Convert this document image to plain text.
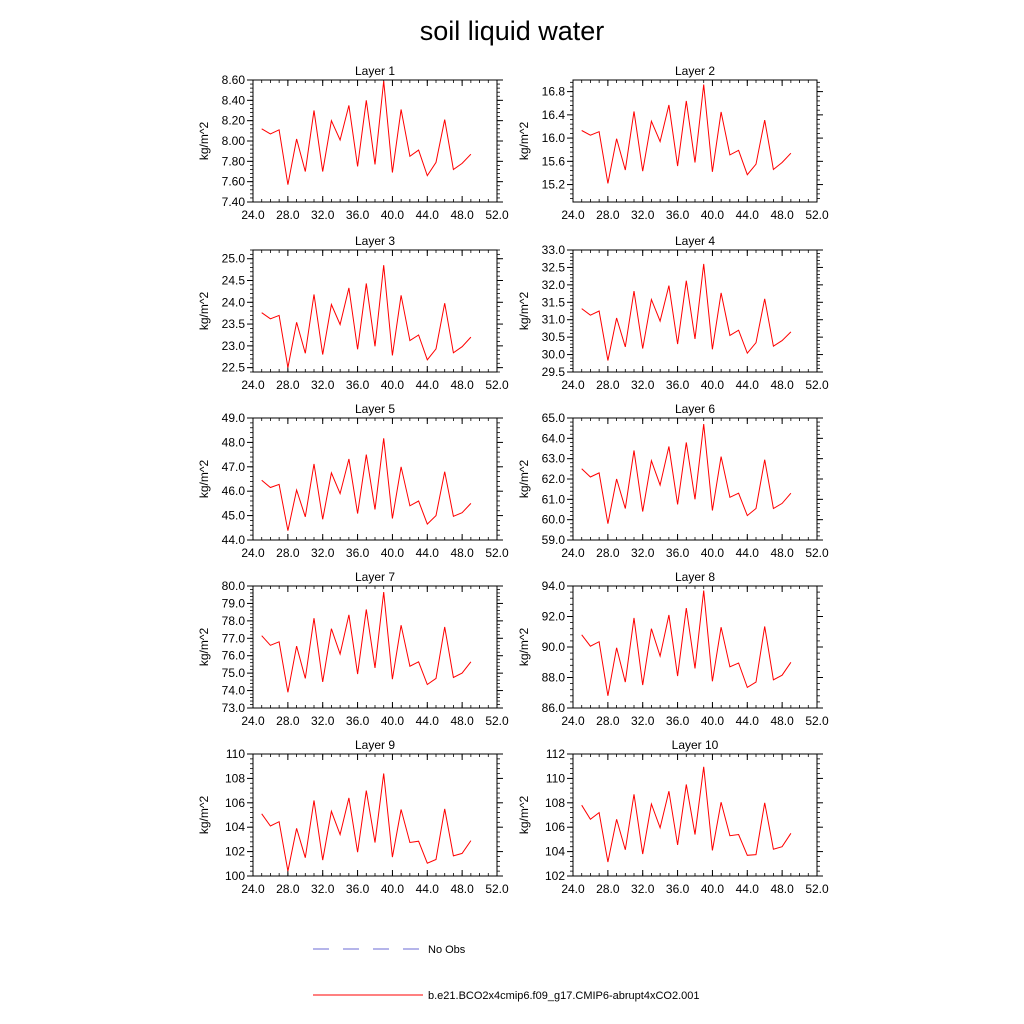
soil liquid water
Layer 1
kg/m^2
24.0 28.0 32.0 36.0 40.0 44.0 48.0 52.0
7.40
7.60
7.80
8.00
8.20
8.40
8.60
Layer 2
kg/m^2
24.0 28.0 32.0 36.0 40.0 44.0 48.0 52.0
15.2
15.6
16.0
16.4
16.8
Layer 3
kg/m^2
24.0 28.0 32.0 36.0 40.0 44.0 48.0 52.0
22.5
23.0
23.5
24.0
24.5
25.0
Layer 4
kg/m^2
24.0 28.0 32.0 36.0 40.0 44.0 48.0 52.0
29.5
30.0
30.5
31.0
31.5
32.0
32.5
33.0
Layer 5
kg/m^2
24.0 28.0 32.0 36.0 40.0 44.0 48.0 52.0
44.0
45.0
46.0
47.0
48.0
49.0
Layer 6
kg/m^2
24.0 28.0 32.0 36.0 40.0 44.0 48.0 52.0
59.0
60.0
61.0
62.0
63.0
64.0
65.0
Layer 7
kg/m^2
24.0 28.0 32.0 36.0 40.0 44.0 48.0 52.0
73.0
74.0
75.0
76.0
77.0
78.0
79.0
80.0
Layer 8
kg/m^2
24.0 28.0 32.0 36.0 40.0 44.0 48.0 52.0
86.0
88.0
90.0
92.0
94.0
Layer 9
kg/m^2
24.0 28.0 32.0 36.0 40.0 44.0 48.0 52.0
100
102
104
106
108
110
Layer 10
kg/m^2
24.0 28.0 32.0 36.0 40.0 44.0 48.0 52.0
102
104
106
108
110
112
No Obs
b.e21.BCO2x4cmip6.f09_g17.CMIP6-abrupt4xCO2.001
